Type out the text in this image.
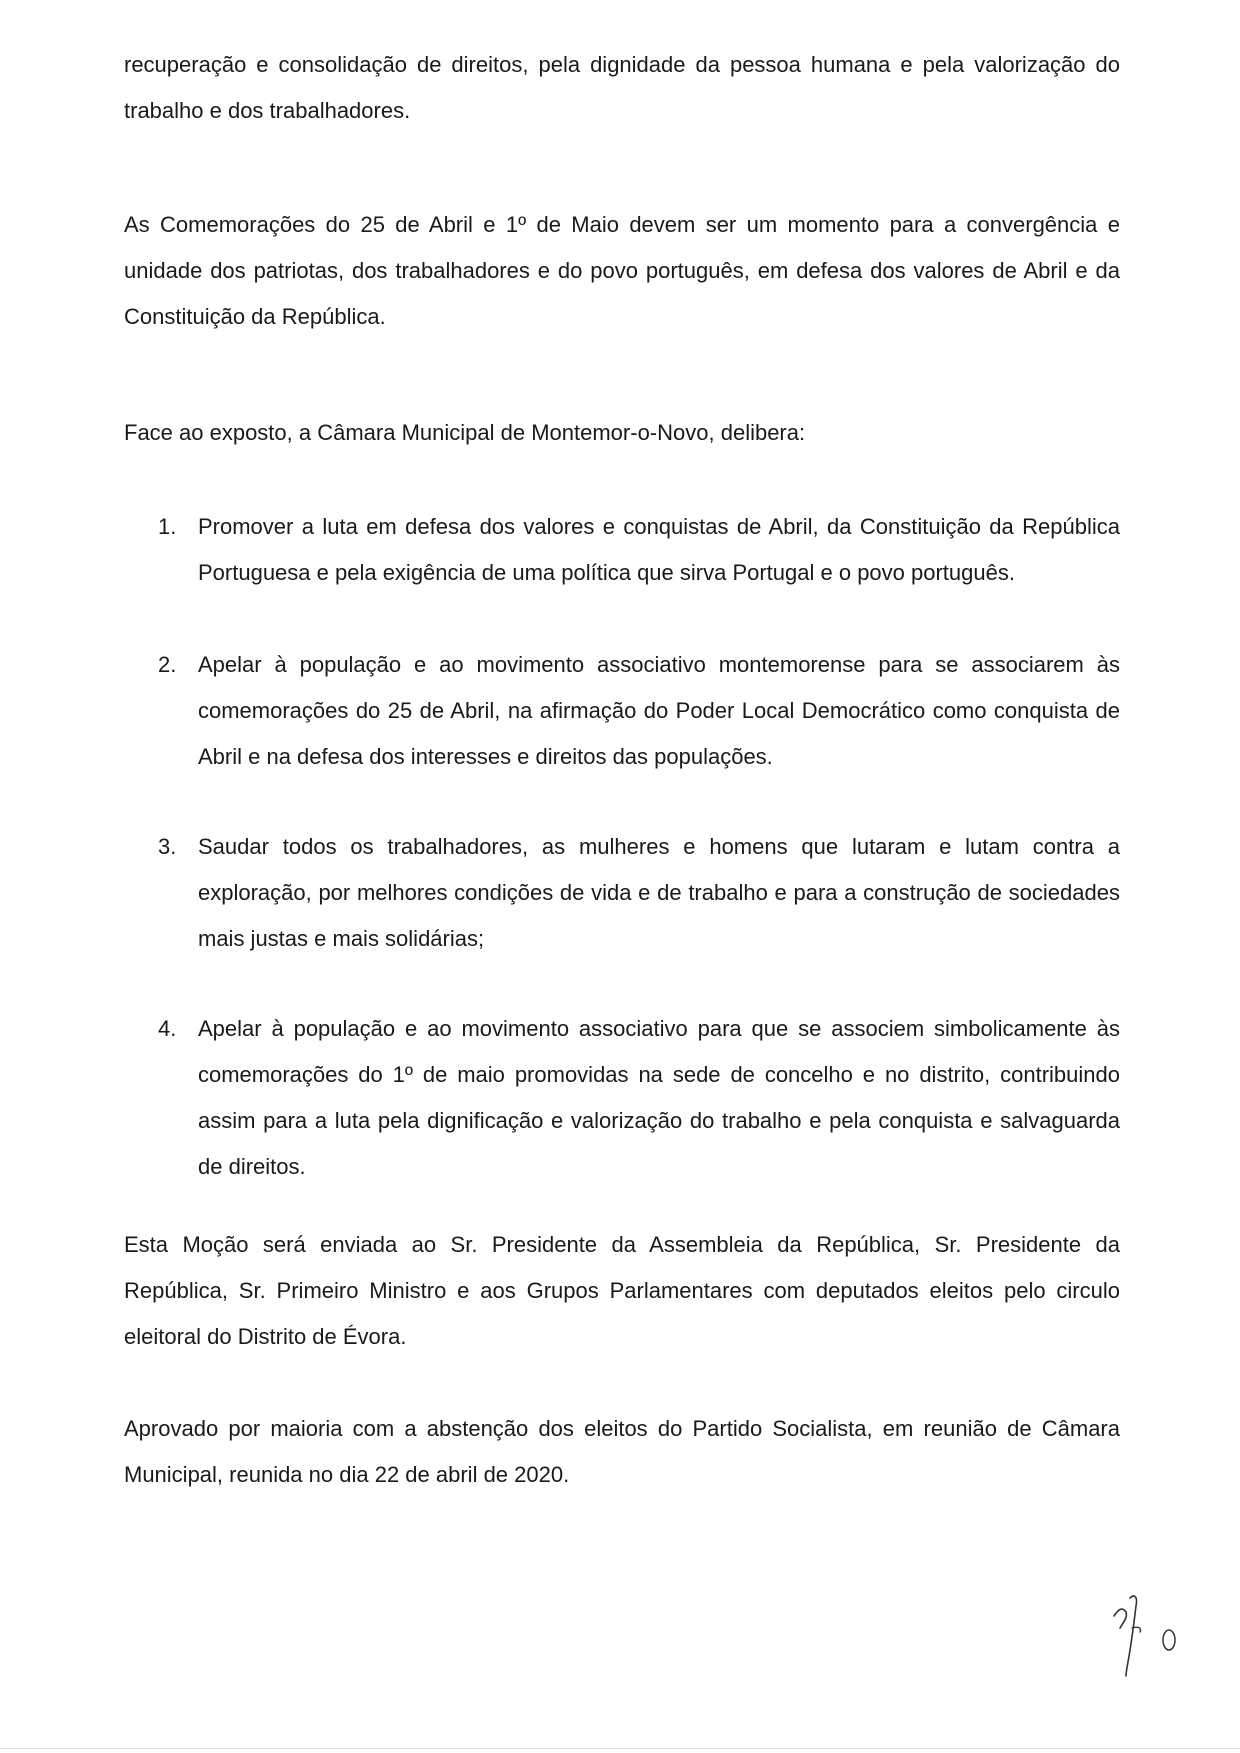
recuperação e consolidação de direitos, pela dignidade da pessoa humana e pela valorização do trabalho e dos trabalhadores.

As Comemorações do 25 de Abril e 1º de Maio devem ser um momento para a convergência e unidade dos patriotas, dos trabalhadores e do povo português, em defesa dos valores de Abril e da Constituição da República.

Face ao exposto, a Câmara Municipal de Montemor-o-Novo, delibera:

1. Promover a luta em defesa dos valores e conquistas de Abril, da Constituição da República Portuguesa e pela exigência de uma política que sirva Portugal e o povo português.
2. Apelar à população e ao movimento associativo montemorense para se associarem às comemorações do 25 de Abril, na afirmação do Poder Local Democrático como conquista de Abril e na defesa dos interesses e direitos das populações.
3. Saudar todos os trabalhadores, as mulheres e homens que lutaram e lutam contra a exploração, por melhores condições de vida e de trabalho e para a construção de sociedades mais justas e mais solidárias;
4. Apelar à população e ao movimento associativo para que se associem simbolicamente às comemorações do 1º de maio promovidas na sede de concelho e no distrito, contribuindo assim para a luta pela dignificação e valorização do trabalho e pela conquista e salvaguarda de direitos.

Esta Moção será enviada ao Sr. Presidente da Assembleia da República, Sr. Presidente da República, Sr. Primeiro Ministro e aos Grupos Parlamentares com deputados eleitos pelo circulo eleitoral do Distrito de Évora.

Aprovado por maioria com a abstenção dos eleitos do Partido Socialista, em reunião de Câmara Municipal, reunida no dia 22 de abril de 2020.
